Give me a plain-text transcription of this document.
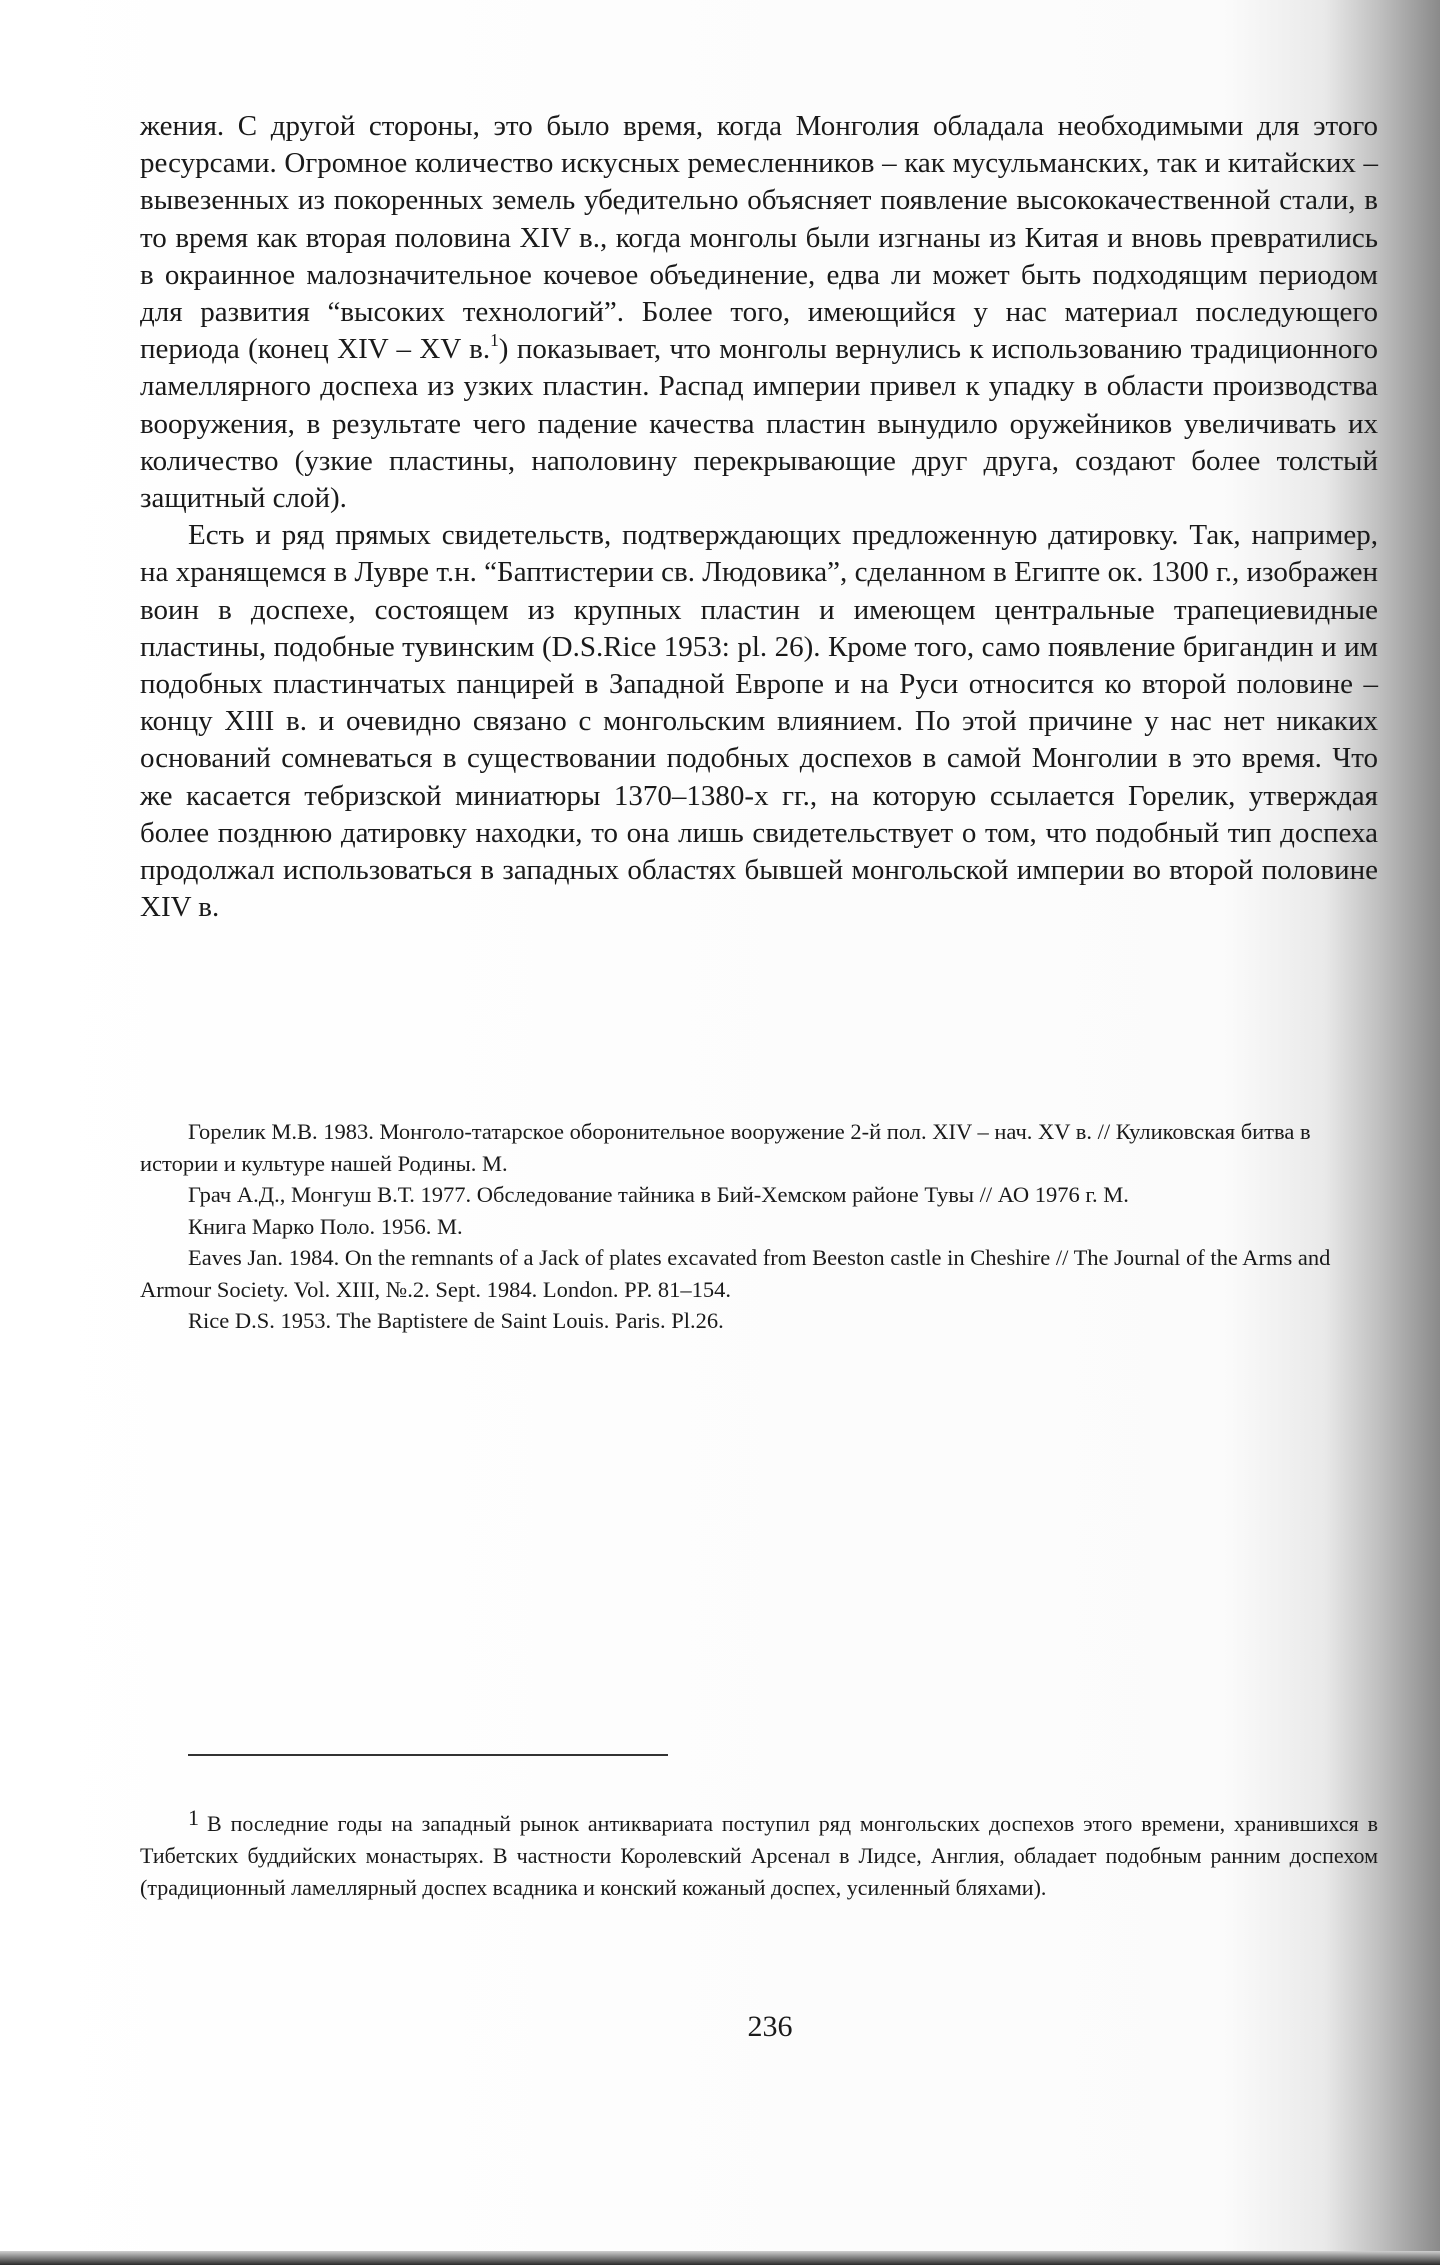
жения. С другой стороны, это было время, когда Монголия обладала необходимыми для этого ресурсами. Огромное количество искусных ремесленников – как мусульманских, так и китайских – вывезенных из покоренных земель убедительно объясняет появление высококачественной стали, в то время как вторая половина XIV в., когда монголы были изгнаны из Китая и вновь превратились в окраинное малозначительное кочевое объединение, едва ли может быть подходящим периодом для развития “высоких технологий”. Более того, имеющийся у нас материал последующего периода (конец XIV – XV в.$^1$) показывает, что монголы вернулись к использованию традиционного ламеллярного доспеха из узких пластин. Распад империи привел к упадку в области производства вооружения, в результате чего падение качества пластин вынудило оружейников увеличивать их количество (узкие пластины, наполовину перекрывающие друг друга, создают более толстый защитный слой).

Есть и ряд прямых свидетельств, подтверждающих предложенную датировку. Так, например, на хранящемся в Лувре т.н. “Баптистерии св. Людовика”, сделанном в Египте ок. 1300 г., изображен воин в доспехе, состоящем из крупных пластин и имеющем центральные трапециевидные пластины, подобные тувинским (D.S.Rice 1953: pl. 26). Кроме того, само появление бригандин и им подобных пластинчатых панцирей в Западной Европе и на Руси относится ко второй половине – концу XIII в. и очевидно связано с монгольским влиянием. По этой причине у нас нет никаких оснований сомневаться в существовании подобных доспехов в самой Монголии в это время. Что же касается тебризской миниатюры 1370–1380-х гг., на которую ссылается Горелик, утверждая более позднюю датировку находки, то она лишь свидетельствует о том, что подобный тип доспеха продолжал использоваться в западных областях бывшей монгольской империи во второй половине XIV в.

Горелик М.В. 1983. Монголо-татарское оборонительное вооружение 2-й пол. XIV – нач. XV в. // Куликовская битва в истории и культуре нашей Родины. М.

Грач А.Д., Монгуш В.Т. 1977. Обследование тайника в Бий-Хемском районе Тувы // АО 1976 г. М.

Книга Марко Поло. 1956. М.

Eaves Jan. 1984. On the remnants of a Jack of plates excavated from Beeston castle in Cheshire // The Journal of the Arms and Armour Society. Vol. XIII, №.2. Sept. 1984. London. PP. 81–154.

Rice D.S. 1953. The Baptistere de Saint Louis. Paris. Pl.26.

1 В последние годы на западный рынок антиквариата поступил ряд монгольских доспехов этого времени, хранившихся в Тибетских буддийских монастырях. В частности Королевский Арсенал в Лидсе, Англия, обладает подобным ранним доспехом (традиционный ламеллярный доспех всадника и конский кожаный доспех, усиленный бляхами).
236
